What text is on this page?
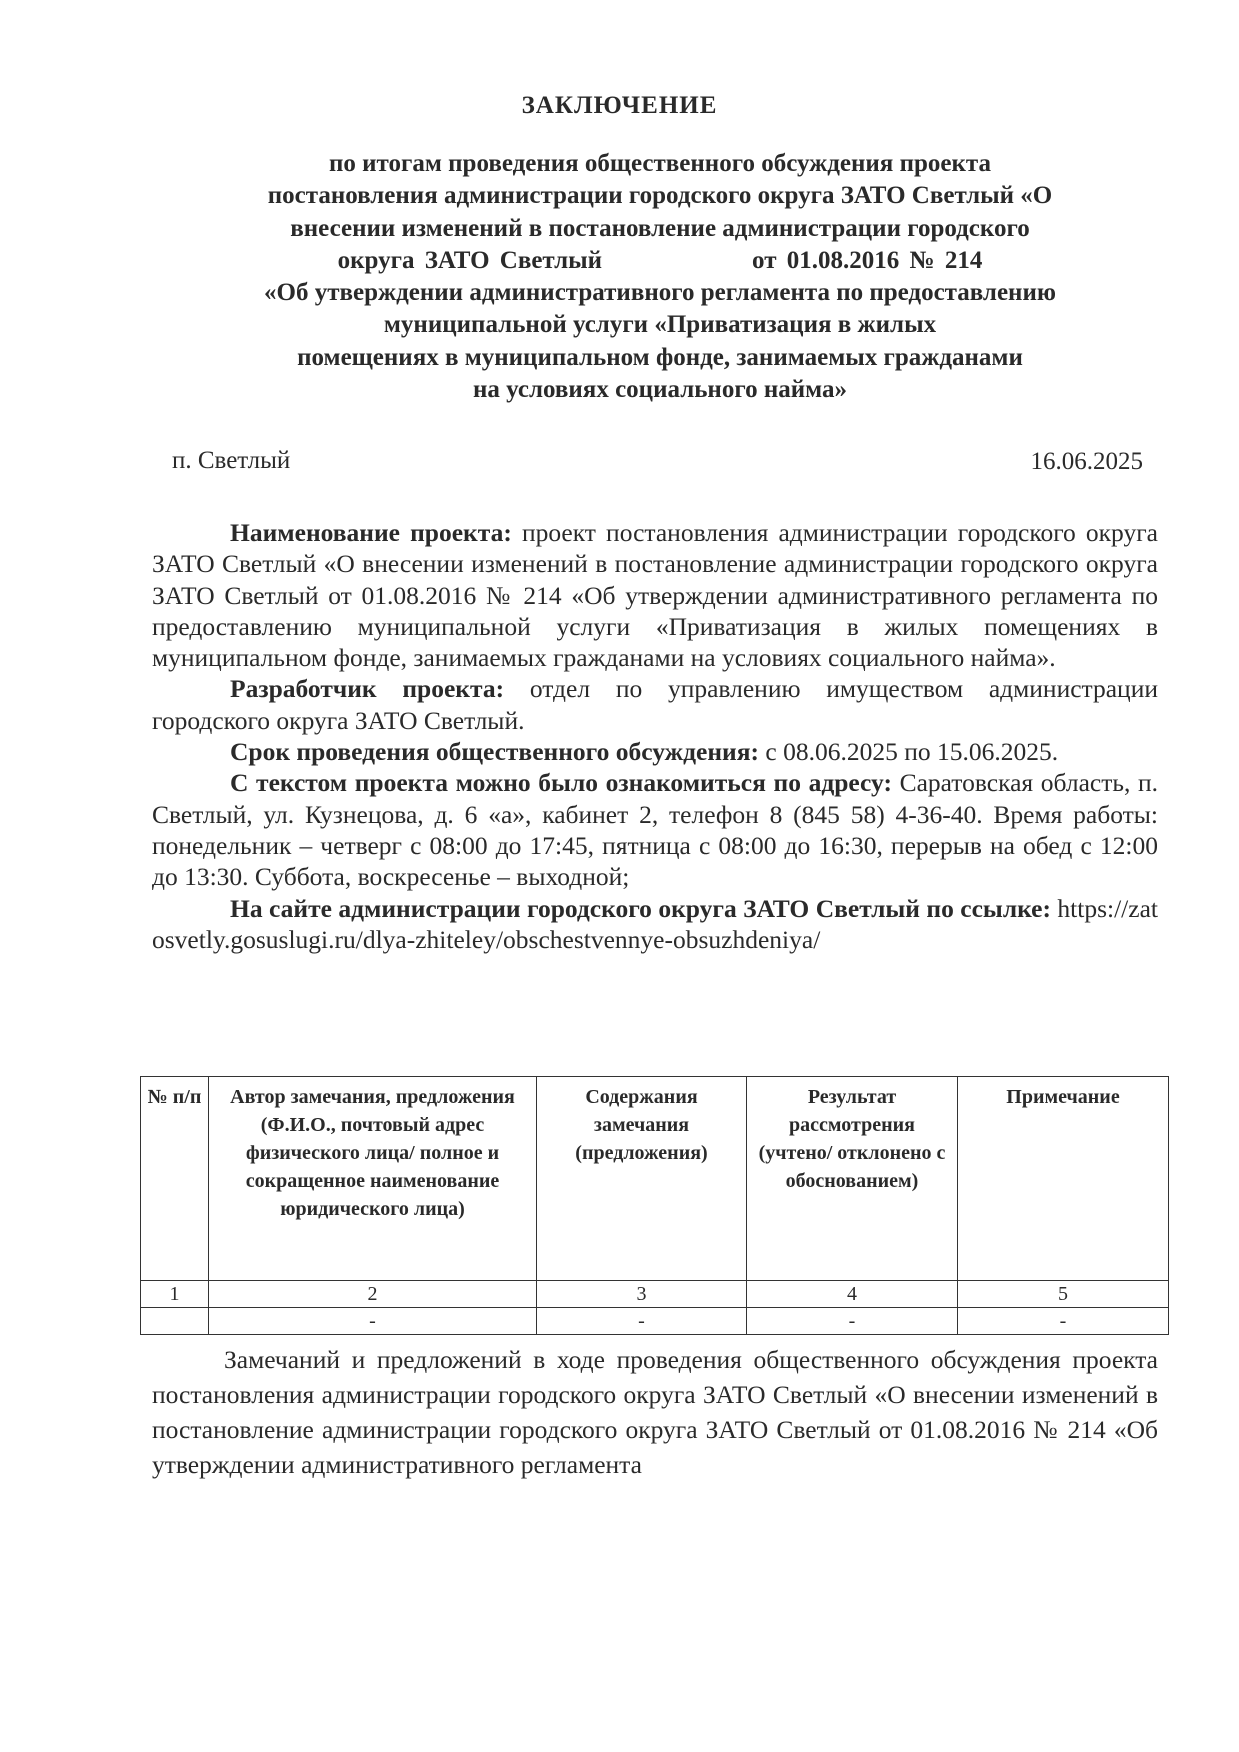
ЗАКЛЮЧЕНИЕ
по итогам проведения общественного обсуждения проекта
постановления администрации городского округа ЗАТО Светлый «О
внесении изменений в постановление администрации городского
округа ЗАТО Светлый	от 01.08.2016 № 214
«Об утверждении административного регламента по предоставлению
муниципальной услуги «Приватизация в жилых
помещениях в муниципальном фонде, занимаемых гражданами
на условиях социального найма»
п. Светлый	16.06.2025

Наименование проекта: проект постановления администрации городского округа ЗАТО Светлый «О внесении изменений в постановление администрации городского округа ЗАТО Светлый от 01.08.2016 № 214 «Об утверждении административного регламента по предоставлению муниципальной услуги «Приватизация в жилых помещениях в муниципальном фонде, занимаемых гражданами на условиях социального найма».

Разработчик проекта: отдел по управлению имуществом администрации городского округа ЗАТО Светлый.

Срок проведения общественного обсуждения: с 08.06.2025 по 15.06.2025.

С текстом проекта можно было ознакомиться по адресу: Саратовская область, п. Светлый, ул. Кузнецова, д. 6 «а», кабинет 2, телефон 8 (845 58) 4-36-40. Время работы: понедельник – четверг с 08:00 до 17:45, пятница с 08:00 до 16:30, перерыв на обед с 12:00 до 13:30. Суббота, воскресенье – выходной;

На сайте администрации городского округа ЗАТО Светлый по ссылке: https://zatosvetly.gosuslugi.ru/dlya-zhiteley/obschestvennye-obsuzhdeniya/

№ п/п	Автор замечания, предложения (Ф.И.О., почтовый адрес физического лица/ полное и сокращенное наименование юридического лица)	Содержания замечания (предложения)	Результат рассмотрения (учтено/ отклонено с обоснованием)	Примечание
1	2	3	4	5
	-	-	-	-

Замечаний и предложений в ходе проведения общественного обсуждения проекта постановления администрации городского округа ЗАТО Светлый «О внесении изменений в постановление администрации городского округа ЗАТО Светлый от 01.08.2016 № 214 «Об утверждении административного регламента
